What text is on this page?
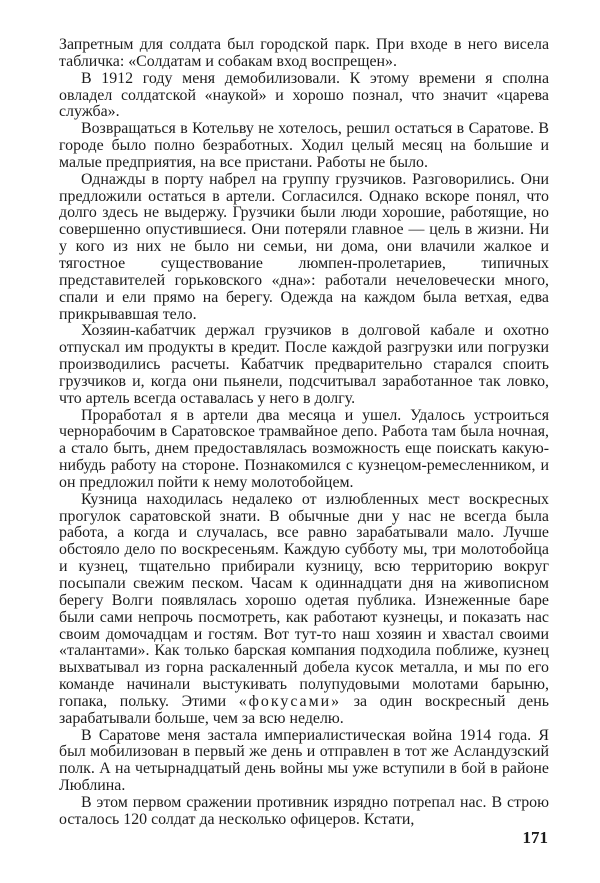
Запретным для солдата был городской парк. При входе в него висела табличка: «Солдатам и собакам вход воспрещен».

В 1912 году меня демобилизовали. К этому времени я сполна овладел солдатской «наукой» и хорошо познал, что значит «царева служба».

Возвращаться в Котельву не хотелось, решил остаться в Саратове. В городе было полно безработных. Ходил целый месяц на большие и малые предприятия, на все пристани. Работы не было.

Однажды в порту набрел на группу грузчиков. Разговорились. Они предложили остаться в артели. Согласился. Однако вскоре понял, что долго здесь не выдержу. Грузчики были люди хорошие, работящие, но совершенно опустившиеся. Они потеряли главное — цель в жизни. Ни у кого из них не было ни семьи, ни дома, они влачили жалкое и тягостное существование люмпен-пролетариев, типичных представителей горьковского «дна»: работали нечеловечески много, спали и ели прямо на берегу. Одежда на каждом была ветхая, едва прикрывавшая тело.

Хозяин-кабатчик держал грузчиков в долговой кабале и охотно отпускал им продукты в кредит. После каждой разгрузки или погрузки производились расчеты. Кабатчик предварительно старался споить грузчиков и, когда они пьянели, подсчитывал заработанное так ловко, что артель всегда оставалась у него в долгу.

Проработал я в артели два месяца и ушел. Удалось устроиться чернорабочим в Саратовское трамвайное депо. Работа там была ночная, а стало быть, днем предоставлялась возможность еще поискать какую-нибудь работу на стороне. Познакомился с кузнецом-ремесленником, и он предложил пойти к нему молотобойцем.

Кузница находилась недалеко от излюбленных мест воскресных прогулок саратовской знати. В обычные дни у нас не всегда была работа, а когда и случалась, все равно зарабатывали мало. Лучше обстояло дело по воскресеньям. Каждую субботу мы, три молотобойца и кузнец, тщательно прибирали кузницу, всю территорию вокруг посыпали свежим песком. Часам к одиннадцати дня на живописном берегу Волги появлялась хорошо одетая публика. Изнеженные баре были сами непрочь посмотреть, как работают кузнецы, и показать нас своим домочадцам и гостям. Вот тут-то наш хозяин и хвастал своими «талантами». Как только барская компания подходила поближе, кузнец выхватывал из горна раскаленный добела кусок металла, и мы по его команде начинали выстукивать полупудовыми молотами барыню, гопака, польку. Этими «фокусами» за один воскресный день зарабатывали больше, чем за всю неделю.

В Саратове меня застала империалистическая война 1914 года. Я был мобилизован в первый же день и отправлен в тот же Асландузский полк. А на четырнадцатый день войны мы уже вступили в бой в районе Люблина.

В этом первом сражении противник изрядно потрепал нас. В строю осталось 120 солдат да несколько офицеров. Кстати,

171
